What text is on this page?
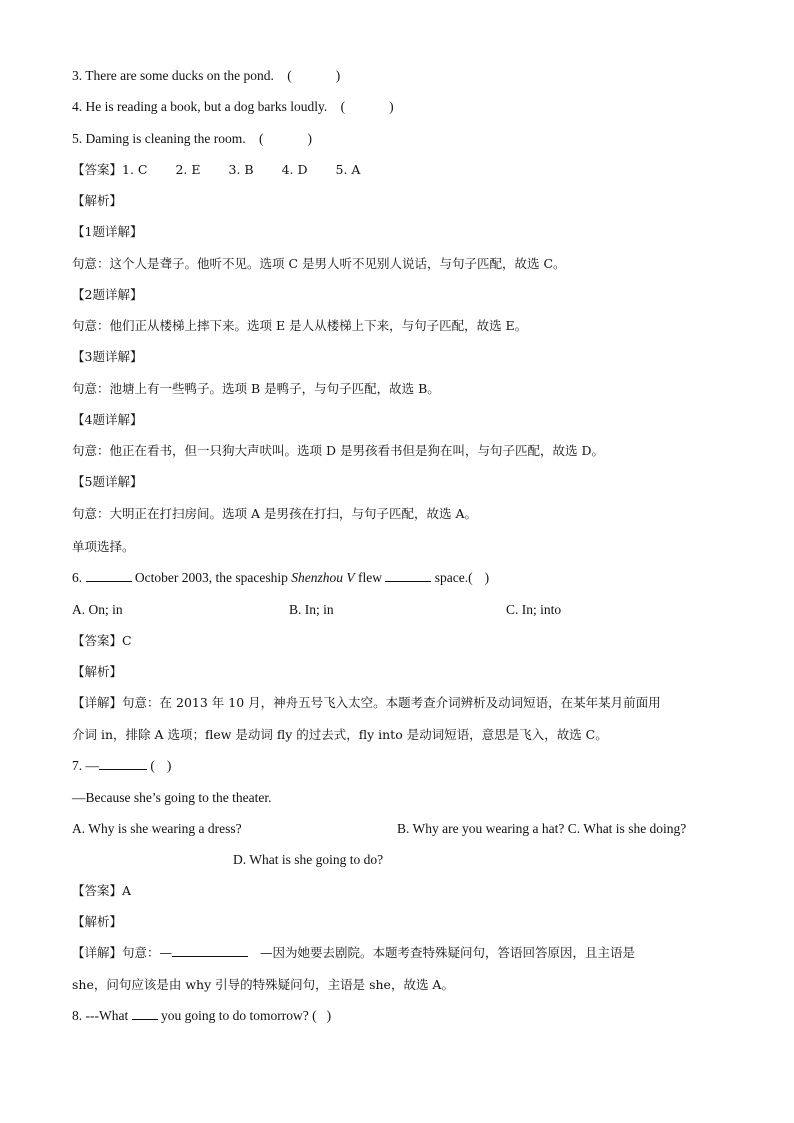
3. There are some ducks on the pond. (	)

4. He is reading a book, but a dog barks loudly. (	)

5. Daming is cleaning the room. (	)

【答案】1. C 2. E 3. B 4. D 5. A

【解析】

【1题详解】

句意：这个人是聋子。他听不见。选项 C 是男人听不见别人说话，与句子匹配，故选 C。

【2题详解】

句意：他们正从楼梯上摔下来。选项 E 是人从楼梯上下来，与句子匹配，故选 E。

【3题详解】

句意：池塘上有一些鸭子。选项 B 是鸭子，与句子匹配，故选 B。

【4题详解】

句意：他正在看书，但一只狗大声吠叫。选项 D 是男孩看书但是狗在叫，与句子匹配，故选 D。

【5题详解】

句意：大明正在打扫房间。选项 A 是男孩在打扫，与句子匹配，故选 A。

单项选择。

6.	October 2003, the spaceship Shenzhou V flew	space.( )

A. On; in	B. In; in	C. In; into

【答案】C

【解析】

【详解】句意：在 2013 年 10 月，神舟五号飞入太空。本题考查介词辨析及动词短语，在某年某月前面用

介词 in，排除 A 选项；flew 是动词 fly 的过去式，fly into 是动词短语，意思是飞入，故选 C。

7. —	( )

—Because she’s going to the theater.

A. Why is she wearing a dress?	B. Why are you wearing a hat? C. What is she doing?

D. What is she going to do?

【答案】A

【解析】

【详解】句意：—	—因为她要去剧院。本题考查特殊疑问句，答语回答原因，且主语是

she，问句应该是由 why 引导的特殊疑问句，主语是 she，故选 A。

8. ---What you going to do tomorrow? ( )
